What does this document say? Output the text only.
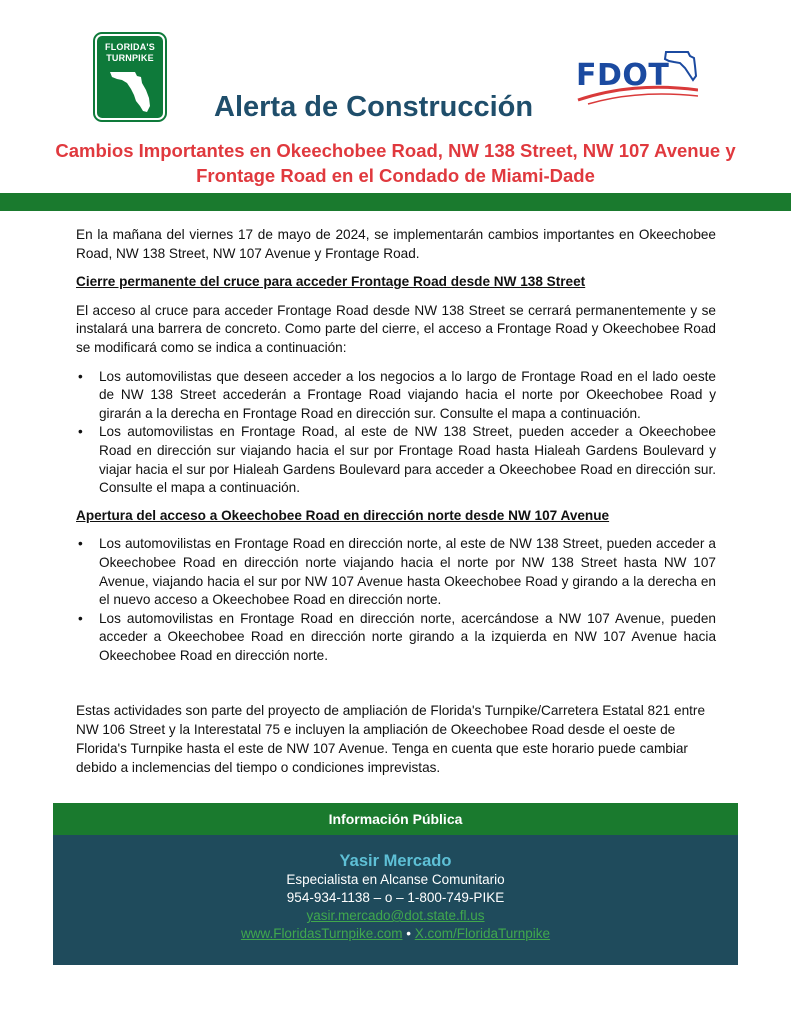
FLORIDA'S
TURNPIKE	FDOT
Alerta de Construcción
Cambios Importantes en Okeechobee Road, NW 138 Street, NW 107 Avenue y Frontage Road en el Condado de Miami-Dade

En la mañana del viernes 17 de mayo de 2024, se implementarán cambios importantes en Okeechobee Road, NW 138 Street, NW 107 Avenue y Frontage Road.

Cierre permanente del cruce para acceder Frontage Road desde NW 138 Street

El acceso al cruce para acceder Frontage Road desde NW 138 Street se cerrará permanentemente y se instalará una barrera de concreto. Como parte del cierre, el acceso a Frontage Road y Okeechobee Road se modificará como se indica a continuación:

• Los automovilistas que deseen acceder a los negocios a lo largo de Frontage Road en el lado oeste de NW 138 Street accederán a Frontage Road viajando hacia el norte por Okeechobee Road y girarán a la derecha en Frontage Road en dirección sur. Consulte el mapa a continuación.
• Los automovilistas en Frontage Road, al este de NW 138 Street, pueden acceder a Okeechobee Road en dirección sur viajando hacia el sur por Frontage Road hasta Hialeah Gardens Boulevard y viajar hacia el sur por Hialeah Gardens Boulevard para acceder a Okeechobee Road en dirección sur. Consulte el mapa a continuación.
Apertura del acceso a Okeechobee Road en dirección norte desde NW 107 Avenue
• Los automovilistas en Frontage Road en dirección norte, al este de NW 138 Street, pueden acceder a Okeechobee Road en dirección norte viajando hacia el norte por NW 138 Street hasta NW 107 Avenue, viajando hacia el sur por NW 107 Avenue hasta Okeechobee Road y girando a la derecha en el nuevo acceso a Okeechobee Road en dirección norte.
• Los automovilistas en Frontage Road en dirección norte, acercándose a NW 107 Avenue, pueden acceder a Okeechobee Road en dirección norte girando a la izquierda en NW 107 Avenue hacia Okeechobee Road en dirección norte.

Estas actividades son parte del proyecto de ampliación de Florida's Turnpike/Carretera Estatal 821 entre NW 106 Street y la Interestatal 75 e incluyen la ampliación de Okeechobee Road desde el oeste de Florida's Turnpike hasta el este de NW 107 Avenue. Tenga en cuenta que este horario puede cambiar debido a inclemencias del tiempo o condiciones imprevistas.

Información Pública
Yasir Mercado
Especialista en Alcanse Comunitario
954-934-1138 – o – 1-800-749-PIKE
yasir.mercado@dot.state.fl.us
www.FloridasTurnpike.com • X.com/FloridaTurnpike
